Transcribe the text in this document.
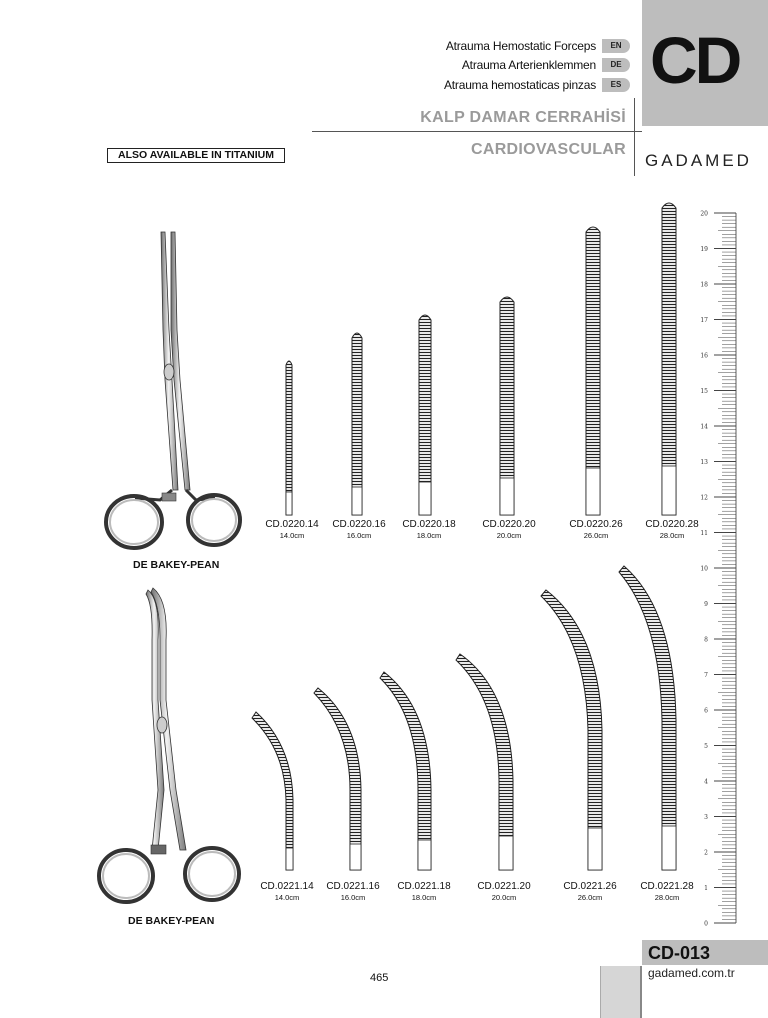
Atrauma Hemostatic Forceps	EN
Atrauma Arterienklemmen	DE
Atrauma hemostaticas pinzas	ES CD
KALP DAMAR CERRAHİSİ
CARDIOVASCULAR
GADAMED
ALSO AVAILABLE IN TITANIUM
DE BAKEY-PEAN
DE BAKEY-PEAN
CD.0220.14
14.0cm
CD.0220.16
16.0cm
CD.0220.18
18.0cm
CD.0220.20
20.0cm
CD.0220.26
26.0cm
CD.0220.28
28.0cm
CD.0221.14
14.0cm
CD.0221.16
16.0cm
CD.0221.18
18.0cm
CD.0221.20
20.0cm
CD.0221.26
26.0cm
CD.0221.28
28.0cm
0
1
2
3
4
5
6
7
8
9
10
11
12
13
14
15
16
17
18
19
20
CD-013
gadamed.com.tr
465
